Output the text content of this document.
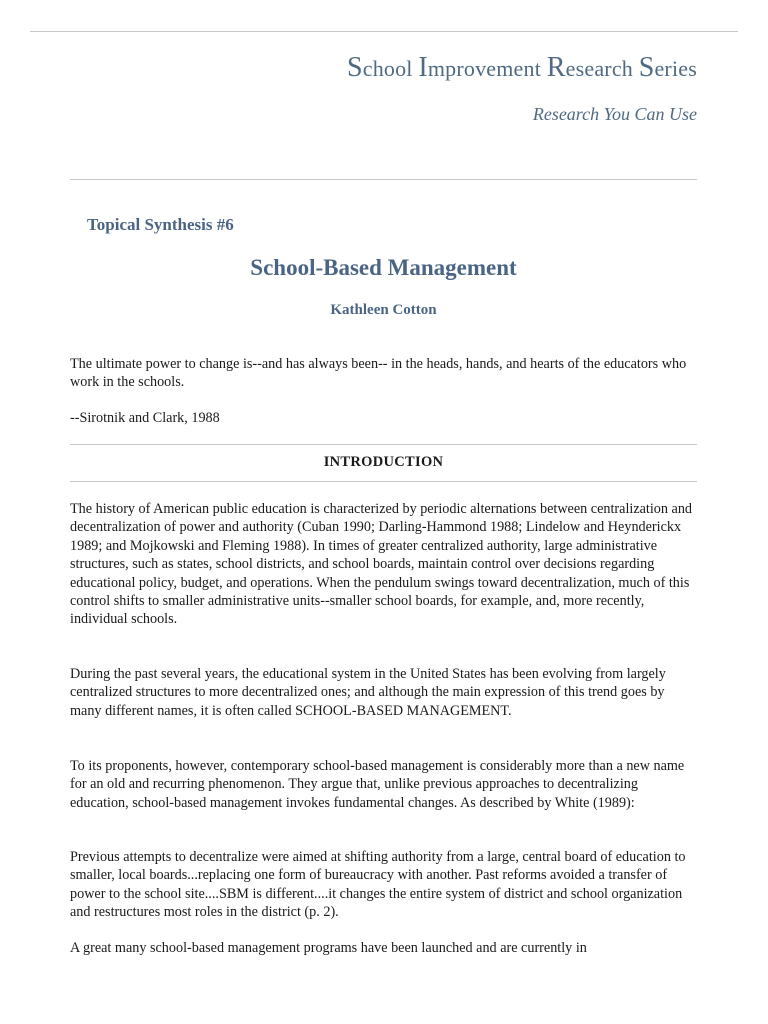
School Improvement Research Series
Research You Can Use
Topical Synthesis #6
School-Based Management
Kathleen Cotton

The ultimate power to change is--and has always been-- in the heads, hands, and hearts of the educators who work in the schools.

--Sirotnik and Clark, 1988

INTRODUCTION

The history of American public education is characterized by periodic alternations between centralization and decentralization of power and authority (Cuban 1990; Darling-Hammond 1988; Lindelow and Heynderickx 1989; and Mojkowski and Fleming 1988). In times of greater centralized authority, large administrative structures, such as states, school districts, and school boards, maintain control over decisions regarding educational policy, budget, and operations. When the pendulum swings toward decentralization, much of this control shifts to smaller administrative units--smaller school boards, for example, and, more recently, individual schools.

During the past several years, the educational system in the United States has been evolving from largely centralized structures to more decentralized ones; and although the main expression of this trend goes by many different names, it is often called SCHOOL-BASED MANAGEMENT.

To its proponents, however, contemporary school-based management is considerably more than a new name for an old and recurring phenomenon. They argue that, unlike previous approaches to decentralizing education, school-based management invokes fundamental changes. As described by White (1989):

Previous attempts to decentralize were aimed at shifting authority from a large, central board of education to smaller, local boards...replacing one form of bureaucracy with another. Past reforms avoided a transfer of power to the school site....SBM is different....it changes the entire system of district and school organization and restructures most roles in the district (p. 2).

A great many school-based management programs have been launched and are currently in
